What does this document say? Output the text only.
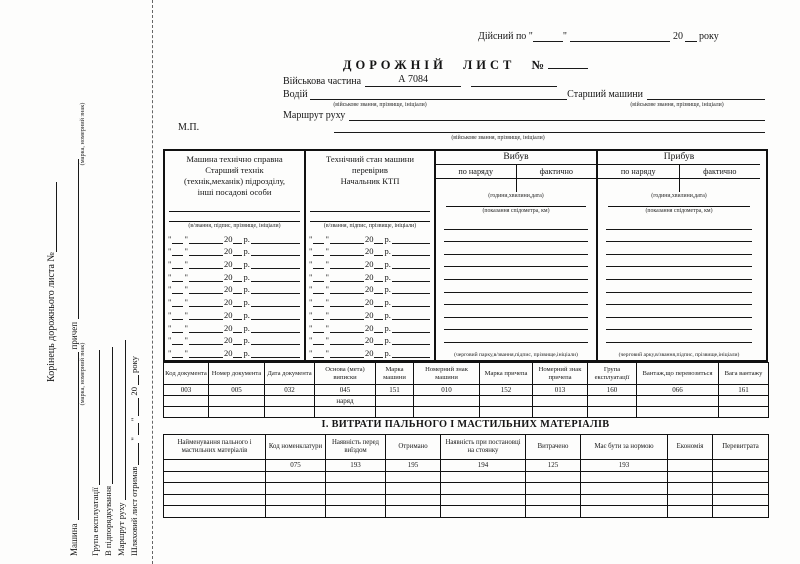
Корінець дорожнього листа №
Машина
причеп
(марка, номерний знак)
(марка, номерний знак)
Група експлуатації В підпорядкування Маршрут руху Шляховий лист отримав
"
"
20
року
Дійсний по
"	"	20 року
ДОРОЖНІЙ ЛИСТ №
Військова частина	А 7084
Водій	Старший машини
(військове звання, прізвище, ініціали)	(військове звання, прізвище, ініціали)
Маршрут руху
М.П.
(військове звання, прізвище, ініціали)
Машина технічно справна
Старший технік
(технік,механік) підрозділу,
інші посадові особи
(в/звання, підпис, прізвище, ініціали)
" "	20 р.
" "	20 р.
" "	20 р.
" "	20 р.
" "	20 р.
" "	20 р.
" "	20 р.
" "	20 р.
" "	20 р.
" "	20 р.
Технічний стан машини
перевірив
Начальник КТП
(в/звання, підпис, прізвище, ініціали)
" "	20 р.
" "	20 р.
" "	20 р.
" "	20 р.
" "	20 р.
" "	20 р.
" "	20 р.
" "	20 р.
" "	20 р.
" "	20 р.
Вибув
по наряду	фактично
(години,хвилини,дата)
(показання спідометра, км)
(черговий парку,в/звання,підпис, прізвище,ініціали)
Прибув
по наряду	фактично
(години,хвилини,дата)
(показання спідометра, км)
(черговий арку,в/звання,підпис, прізвище,ініціали)
Код документа	Номер документа	Дата документа	Основа (мета) виписки	Марка машини	Номерний знак машини	Марка причепа	Номерний знак причепа	Група експлуатації	Вантаж,що перевозиться	Вага вантажу
003	005	032	045	151	010	152	013	160	066	161
			наряд							

І. ВИТРАТИ ПАЛЬНОГО І МАСТИЛЬНИХ МАТЕРІАЛІВ
Найменування пального і мастильних матеріалів	Код номенклатури	Наявність перед виїздом	Отримано	Наявність при постановці на стоянку	Витрачено	Має бути за нормою	Економія	Перевитрата
	075	193	195	194	125	193		
